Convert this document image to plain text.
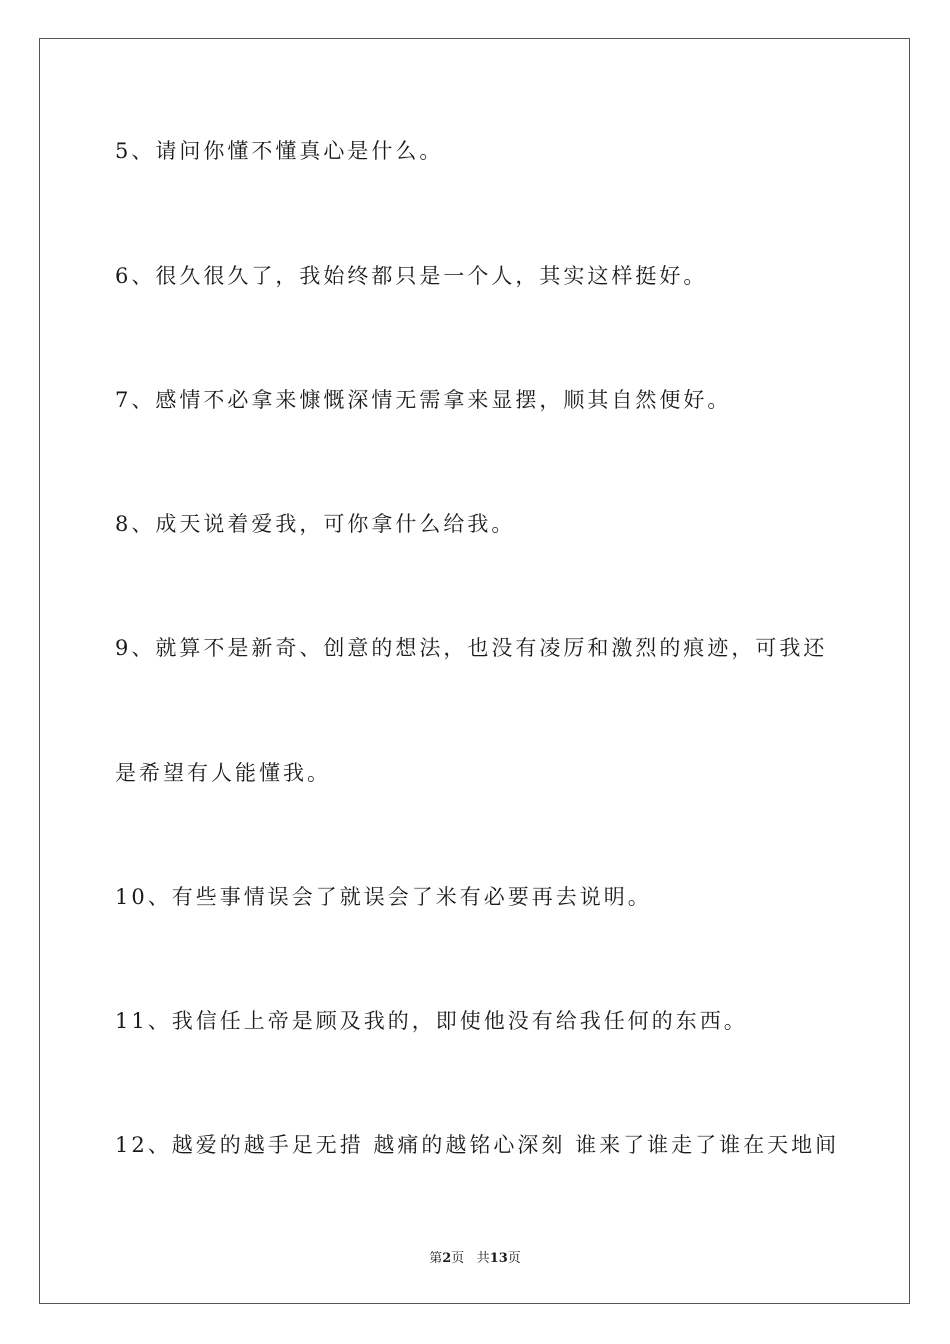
5、请问你懂不懂真心是什么。
6、很久很久了，我始终都只是一个人，其实这样挺好。
7、感情不必拿来慷慨深情无需拿来显摆，顺其自然便好。
8、成天说着爱我，可你拿什么给我。
9、就算不是新奇、创意的想法，也没有凌厉和激烈的痕迹，可我还
是希望有人能懂我。
10、有些事情误会了就误会了米有必要再去说明。
11、我信任上帝是顾及我的，即使他没有给我任何的东西。
12、越爱的越手足无措 越痛的越铭心深刻 谁来了谁走了谁在天地间
第2页 共13页
